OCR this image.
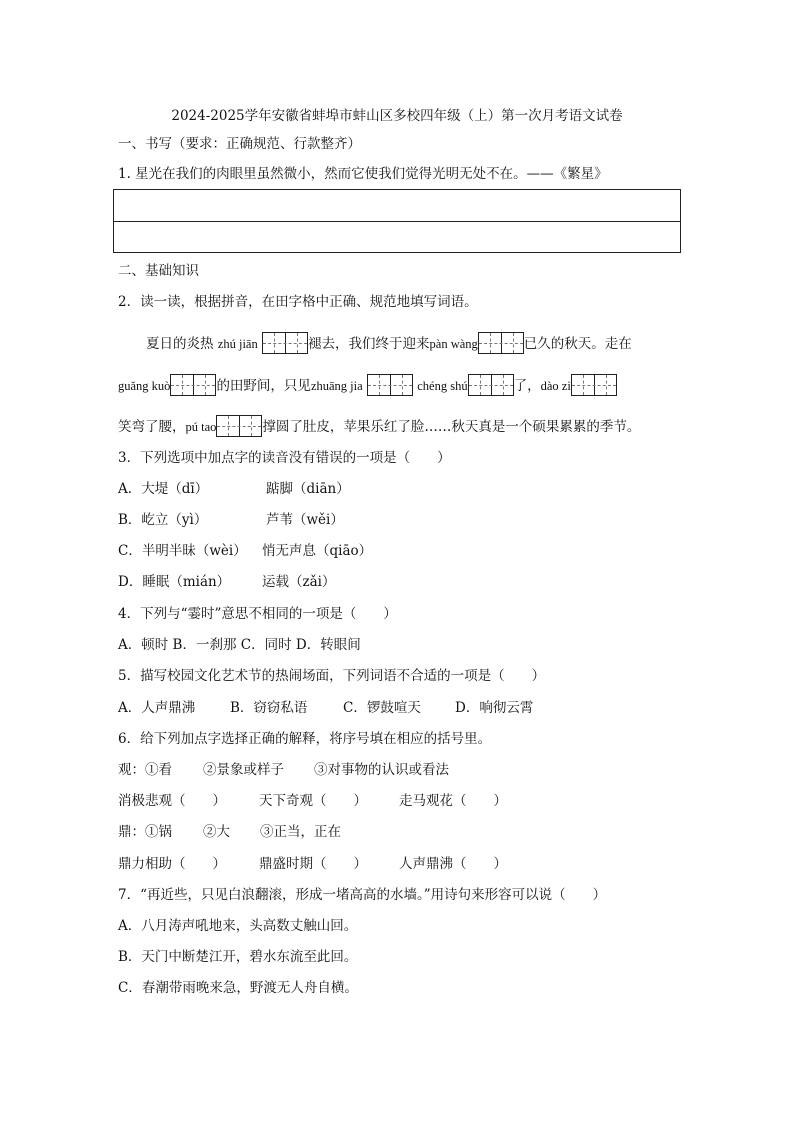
2024-2025学年安徽省蚌埠市蚌山区多校四年级（上）第一次月考语文试卷
一、书写（要求：正确规范、行款整齐）
1. 星光在我们的肉眼里虽然微小，然而它使我们觉得光明无处不在。——《繁星》
二、基础知识
2．读一读，根据拼音，在田字格中正确、规范地填写词语。
夏日的炎热 zhú jiān	褪去，我们终于迎来pàn wàng	已久的秋天。走在
guǎng kuò	的田野间，只见zhuāng jia	chéng shú	了，dào zi
笑弯了腰，pú tao	撑圆了肚皮，苹果乐红了脸……秋天真是一个硕果累累的季节。
3．下列选项中加点字的读音没有错误的一项是（　　）
A．大堤（dī）	踮脚（diān）
B．屹立（yì）	芦苇（wěi）
C．半明半昧（wèi） 悄无声息（qiāo）
D．睡眠（mián） 运载（zǎi）
4．下列与“霎时”意思不相同的一项是（　　）
A．顿时 B．一刹那 C．同时 D．转眼间
5．描写校园文化艺术节的热闹场面，下列词语不合适的一项是（　　）
A．人声鼎沸	B．窃窃私语	C．锣鼓喧天	D．响彻云霄
6．给下列加点字选择正确的解释，将序号填在相应的括号里。
观：①看 ②景象或样子 ③对事物的认识或看法
消极悲观（　　） 天下奇观（　　） 走马观花（　　）
鼎：①锅 ②大 ③正当，正在
鼎力相助（　　） 鼎盛时期（　　） 人声鼎沸（　　）
7．“再近些，只见白浪翻滚，形成一堵高高的水墙。”用诗句来形容可以说（　　）
A．八月涛声吼地来，头高数丈触山回。
B．天门中断楚江开，碧水东流至此回。
C．春潮带雨晚来急，野渡无人舟自横。
